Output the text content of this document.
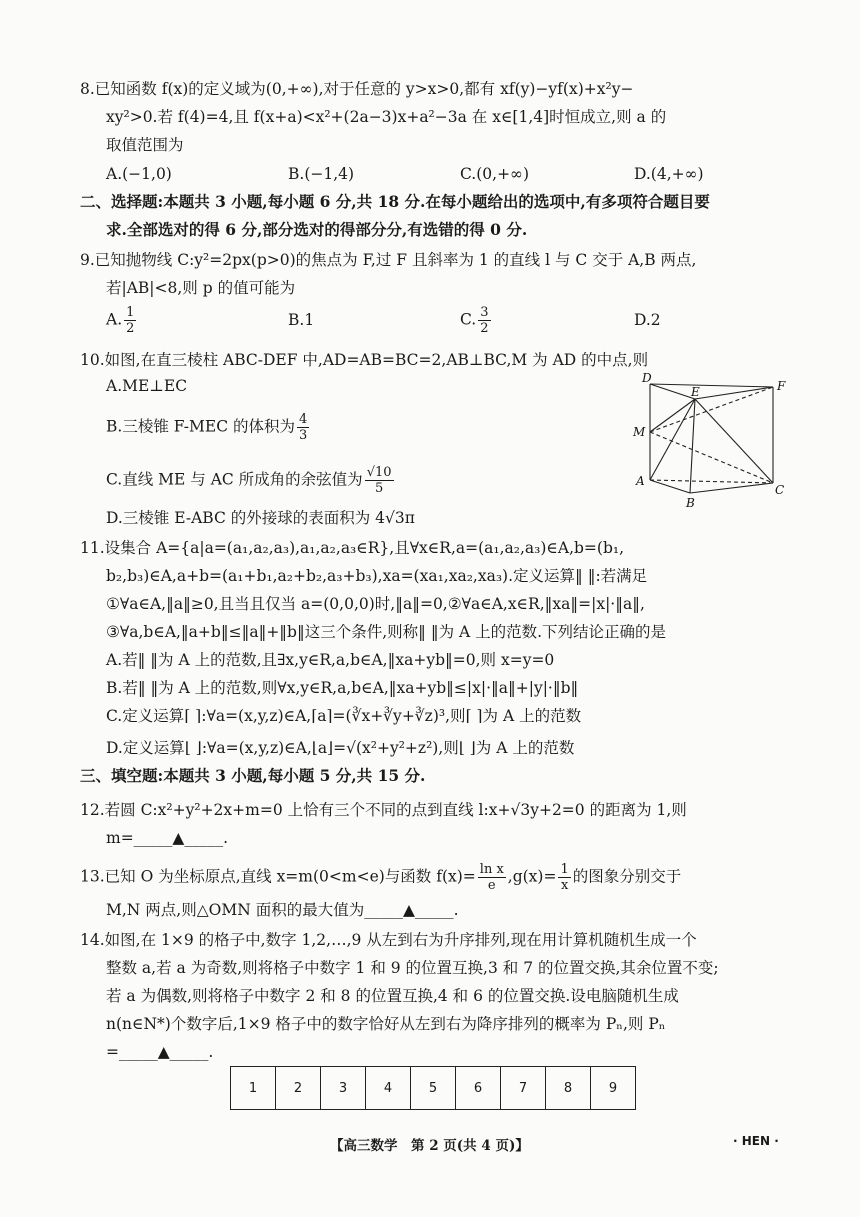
8.已知函数 f(x)的定义域为(0,+∞),对于任意的 y>x>0,都有 xf(y)−yf(x)+x²y−
xy²>0.若 f(4)=4,且 f(x+a)<x²+(2a−3)x+a²−3a 在 x∈[1,4]时恒成立,则 a 的
取值范围为
A.(−1,0)	B.(−1,4)	C.(0,+∞)	D.(4,+∞)
二、选择题:本题共 3 小题,每小题 6 分,共 18 分.在每小题给出的选项中,有多项符合题目要
求.全部选对的得 6 分,部分选对的得部分分,有选错的得 0 分.
9.已知抛物线 C:y²=2px(p>0)的焦点为 F,过 F 且斜率为 1 的直线 l 与 C 交于 A,B 两点,
若|AB|<8,则 p 的值可能为
A. $\frac{1}{2}$	B.1	C. $\frac{3}{2}$	D.2
10.如图,在直三棱柱 ABC-DEF 中,AD=AB=BC=2,AB⊥BC,M 为 AD 的中点,则
A.ME⊥EC
B.三棱锥 F-MEC 的体积为 $\frac{4}{3}$
C.直线 ME 与 AC 所成角的余弦值为 $\frac{√10}{5}$
D.三棱锥 E-ABC 的外接球的表面积为 4√3π
D
E	F
M
A
B
C
11.设集合 A={a|a=(a₁,a₂,a₃),a₁,a₂,a₃∈R},且∀x∈R,a=(a₁,a₂,a₃)∈A,b=(b₁,
b₂,b₃)∈A,a+b=(a₁+b₁,a₂+b₂,a₃+b₃),xa=(xa₁,xa₂,xa₃).定义运算‖ ‖:若满足
①∀a∈A,‖a‖≥0,且当且仅当 a=(0,0,0)时,‖a‖=0,②∀a∈A,x∈R,‖xa‖=|x|·‖a‖,
③∀a,b∈A,‖a+b‖≤‖a‖+‖b‖这三个条件,则称‖ ‖为 A 上的范数.下列结论正确的是
A.若‖ ‖为 A 上的范数,且∃x,y∈R,a,b∈A,‖xa+yb‖=0,则 x=y=0
B.若‖ ‖为 A 上的范数,则∀x,y∈R,a,b∈A,‖xa+yb‖≤|x|·‖a‖+|y|·‖b‖
C.定义运算⌈ ⌉:∀a=(x,y,z)∈A,⌈a⌉=(∛x+∛y+∛z)³,则⌈ ⌉为 A 上的范数
D.定义运算⌊ ⌋:∀a=(x,y,z)∈A,⌊a⌋=√(x²+y²+z²),则⌊ ⌋为 A 上的范数
三、填空题:本题共 3 小题,每小题 5 分,共 15 分.
12.若圆 C:x²+y²+2x+m=0 上恰有三个不同的点到直线 l:x+√3y+2=0 的距离为 1,则
m=_____▲_____.
13.已知 O 为坐标原点,直线 x=m(0<m<e)与函数 $f(x)= \frac{\text{ln x}}{e} ,g(x)= \frac{1}{x}$ 的图象分别交于
M,N 两点,则△OMN 面积的最大值为_____▲_____.
14.如图,在 1×9 的格子中,数字 1,2,…,9 从左到右为升序排列,现在用计算机随机生成一个
整数 a,若 a 为奇数,则将格子中数字 1 和 9 的位置互换,3 和 7 的位置交换,其余位置不变;
若 a 为偶数,则将格子中数字 2 和 8 的位置互换,4 和 6 的位置交换.设电脑随机生成
n(n∈N*)个数字后,1×9 格子中的数字恰好从左到右为降序排列的概率为 Pₙ,则 Pₙ
=_____▲_____.
1	2	3	4	5	6	7	8	9
【高三数学　第 2 页(共 4 页)】	· HEN ·
